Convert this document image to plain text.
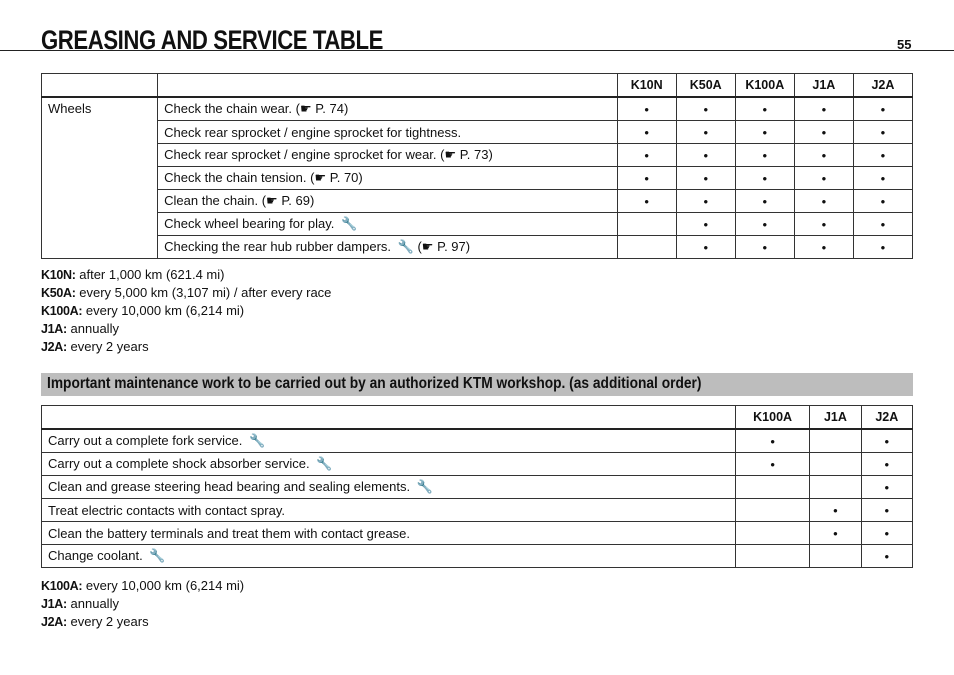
GREASING AND SERVICE TABLE	55
		K10N	K50A	K100A	J1A	J2A
Wheels	Check the chain wear. (☛ P. 74)	•	•	•	•	•
	Check rear sprocket / engine sprocket for tightness.	•	•	•	•	•
	Check rear sprocket / engine sprocket for wear. (☛ P. 73)	•	•	•	•	•
	Check the chain tension. (☛ P. 70)	•	•	•	•	•
	Clean the chain. (☛ P. 69)	•	•	•	•	•
	Check wheel bearing for play. 🔧		•	•	•	•
	Checking the rear hub rubber dampers. 🔧 (☛ P. 97)		•	•	•	•
K10N: after 1,000 km (621.4 mi)
K50A: every 5,000 km (3,107 mi) / after every race
K100A: every 10,000 km (6,214 mi)
J1A: annually
J2A: every 2 years
Important maintenance work to be carried out by an authorized KTM workshop. (as additional order)
	K100A	J1A	J2A
Carry out a complete fork service. 🔧	•		•
Carry out a complete shock absorber service. 🔧	•		•
Clean and grease steering head bearing and sealing elements. 🔧			•
Treat electric contacts with contact spray.		•	•
Clean the battery terminals and treat them with contact grease.		•	•
Change coolant. 🔧			•
K100A: every 10,000 km (6,214 mi)
J1A: annually
J2A: every 2 years
